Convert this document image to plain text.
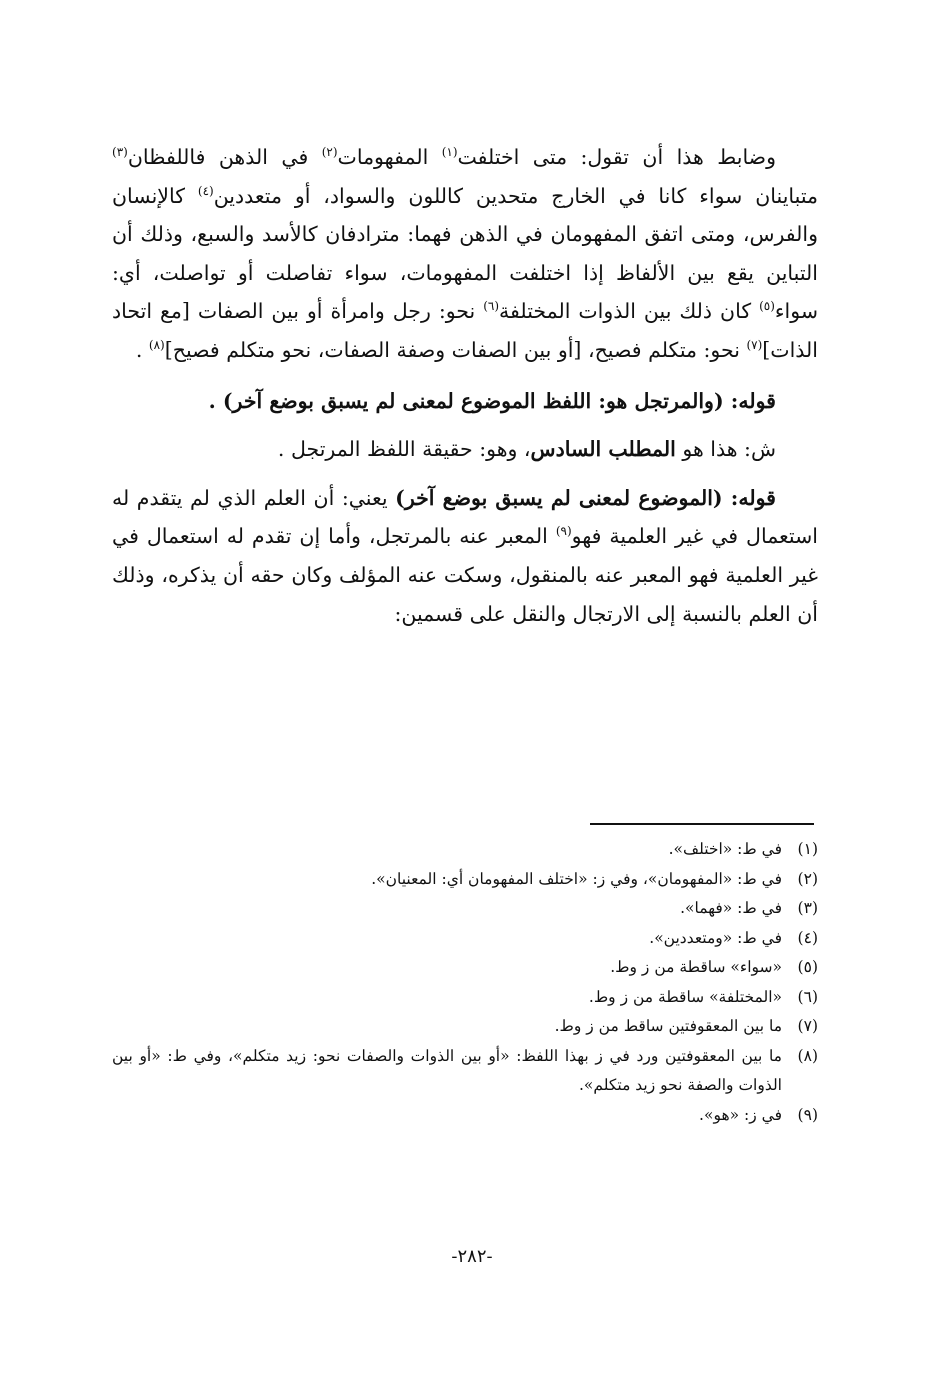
وضابط هذا أن تقول: متى اختلفت$^{(١)}$ المفهومات$^{(٢)}$ في الذهن فاللفظان$^{(٣)}$ متباينان سواء كانا في الخارج متحدين كاللون والسواد، أو متعددين$^{(٤)}$ كالإنسان والفرس، ومتى اتفق المفهومان في الذهن فهما: مترادفان كالأسد والسبع، وذلك أن التباين يقع بين الألفاظ إذا اختلفت المفهومات، سواء تفاصلت أو تواصلت، أي: سواء$^{(٥)}$ كان ذلك بين الذوات المختلفة$^{(٦)}$ نحو: رجل وامرأة أو بين الصفات [مع اتحاد الذات]$^{(٧)}$ نحو: متكلم فصيح، [أو بين الصفات وصفة الصفات، نحو متكلم فصيح]$^{(٨)}$ .

قوله: (والمرتجل هو: اللفظ الموضوع لمعنى لم يسبق بوضع آخر) .

ش: هذا هو المطلب السادس، وهو: حقيقة اللفظ المرتجل .

قوله: (الموضوع لمعنى لم يسبق بوضع آخر) يعني: أن العلم الذي لم يتقدم له استعمال في غير العلمية فهو$^{(٩)}$ المعبر عنه بالمرتجل، وأما إن تقدم له استعمال في غير العلمية فهو المعبر عنه بالمنقول، وسكت عنه المؤلف وكان حقه أن يذكره، وذلك أن العلم بالنسبة إلى الارتجال والنقل على قسمين:

(١)
في ط: «اختلف».
(٢)
في ط: «المفهومان»، وفي ز: «اختلف المفهومان أي: المعنيان».
(٣)
في ط: «فهما».
(٤)
في ط: «ومتعددين».
(٥)
«سواء» ساقطة من ز وط.
(٦)
«المختلفة» ساقطة من ز وط.
(٧)
ما بين المعقوفتين ساقط من ز وط.
(٨)
ما بين المعقوفتين ورد في ز بهذا اللفظ: «أو بين الذوات والصفات نحو: زيد متكلم»، وفي ط: «أو بين الذوات والصفة نحو زيد متكلم».
(٩)
في ز: «هو».
-٢٨٢-
